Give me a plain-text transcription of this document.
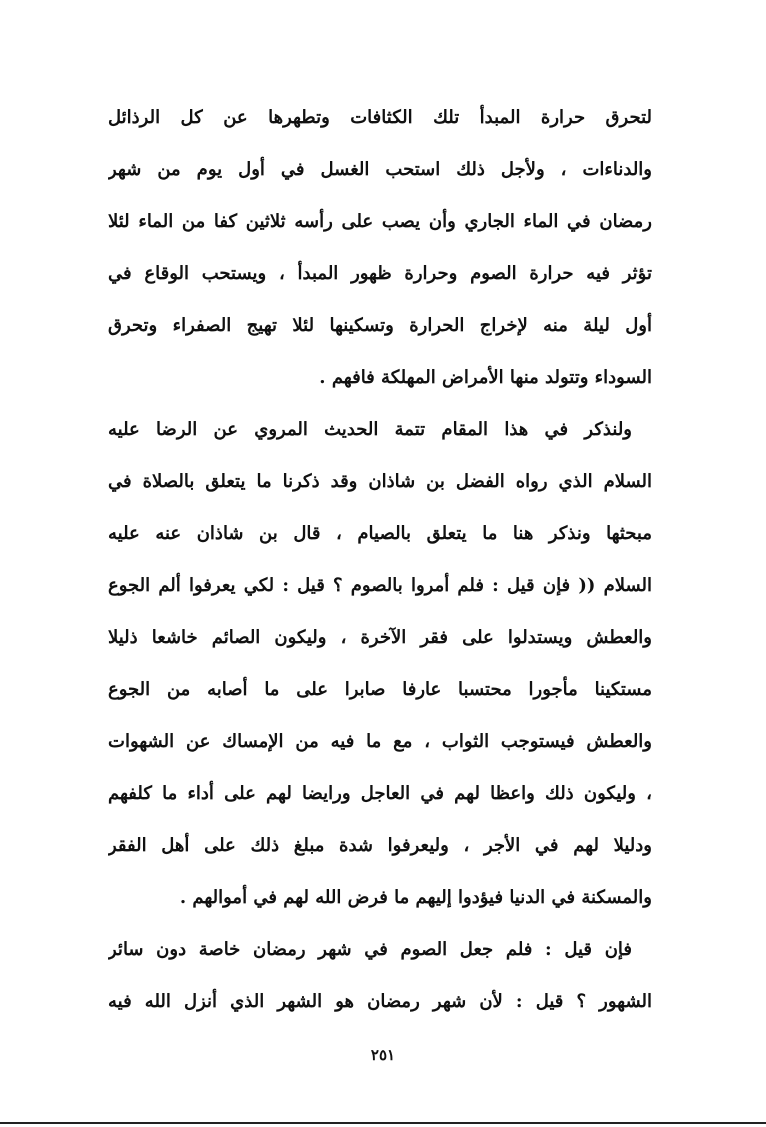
لتحرق حرارة المبدأ تلك الكثافات وتطهرها عن كل الرذائل
والدناءات ، ولأجل ذلك استحب الغسل في أول يوم من شهر
رمضان في الماء الجاري وأن يصب على رأسه ثلاثين كفا من الماء لئلا
تؤثر فيه حرارة الصوم وحرارة ظهور المبدأ ، ويستحب الوقاع في
أول ليلة منه لإخراج الحرارة وتسكينها لئلا تهيج الصفراء وتحرق
السوداء وتتولد منها الأمراض المهلكة فافهم .
ولنذكر في هذا المقام تتمة الحديث المروي عن الرضا عليه
السلام الذي رواه الفضل بن شاذان وقد ذكرنا ما يتعلق بالصلاة في
مبحثها ونذكر هنا ما يتعلق بالصيام ، قال بن شاذان عنه عليه
السلام (( فإن قيل : فلم أمروا بالصوم ؟ قيل : لكي يعرفوا ألم الجوع
والعطش ويستدلوا على فقر الآخرة ، وليكون الصائم خاشعا ذليلا
مستكينا مأجورا محتسبا عارفا صابرا على ما أصابه من الجوع
والعطش فيستوجب الثواب ، مع ما فيه من الإمساك عن الشهوات
، وليكون ذلك واعظا لهم في العاجل ورايضا لهم على أداء ما كلفهم
ودليلا لهم في الأجر ، وليعرفوا شدة مبلغ ذلك على أهل الفقر
والمسكنة في الدنيا فيؤدوا إليهم ما فرض الله لهم في أموالهم .
فإن قيل : فلم جعل الصوم في شهر رمضان خاصة دون سائر
الشهور ؟ قيل : لأن شهر رمضان هو الشهر الذي أنزل الله فيه
٢٥١
